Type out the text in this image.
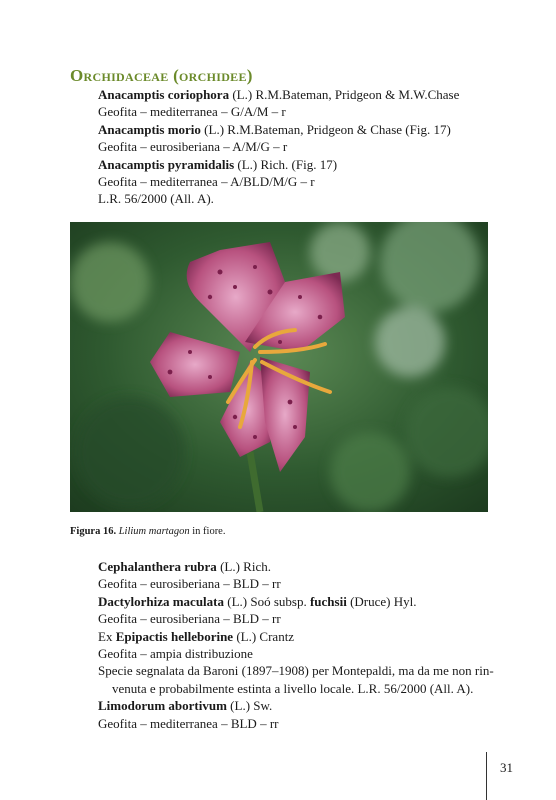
Orchidaceae (orchidee)
Anacamptis coriophora (L.) R.M.Bateman, Pridgeon & M.W.Chase
Geofita – mediterranea – G/A/M – r
Anacamptis morio (L.) R.M.Bateman, Pridgeon & Chase (Fig. 17)
Geofita – eurosiberiana – A/M/G – r
Anacamptis pyramidalis (L.) Rich. (Fig. 17)
Geofita – mediterranea – A/BLD/M/G – r
L.R. 56/2000 (All. A).
Figura 16. Lilium martagon in fiore.
Cephalanthera rubra (L.) Rich.
Geofita – eurosiberiana – BLD – rr
Dactylorhiza maculata (L.) Soó subsp. fuchsii (Druce) Hyl.
Geofita – eurosiberiana – BLD – rr
Ex Epipactis helleborine (L.) Crantz
Geofita – ampia distribuzione
Specie segnalata da Baroni (1897–1908) per Montepaldi, ma da me non rin-
venuta e probabilmente estinta a livello locale. L.R. 56/2000 (All. A).
Limodorum abortivum (L.) Sw.
Geofita – mediterranea – BLD – rr
31
